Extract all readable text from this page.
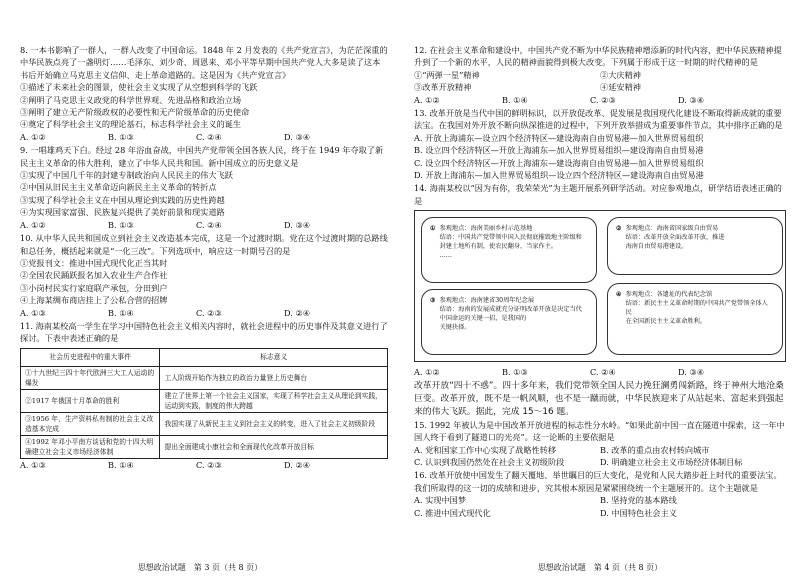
8. 一本书影响了一群人，一群人改变了中国命运。1848 年 2 月发表的《共产党宣言》，为茫茫深重的中华民族点亮了一盏明灯……毛泽东、刘少奇、周恩来、邓小平等早期中国共产党人大多是读了这本书后开始确立马克思主义信仰、走上革命道路的。这是因为《共产党宣言》

①描述了未来社会的图景，使社会主义实现了从空想到科学的飞跃

②阐明了马克思主义政党的科学世界观、先进品格和政治立场

③阐明了建立无产阶级政权的必要性和无产阶级革命的历史使命

④奠定了科学社会主义的理论基石，标志科学社会主义的诞生

A. ①②	B. ①③	C. ②④	D. ③④

9. 一唱雄鸡天下白。经过 28 年浴血奋战，中国共产党带领全国各族人民，终于在 1949 年夺取了新民主主义革命的伟大胜利，建立了中华人民共和国。新中国成立的历史意义是

①实现了中国几千年的封建专制政治向人民民主的伟大飞跃

②中国从旧民主主义革命迈向新民主主义革命的转折点

③实现了科学社会主义在中国从理论到实践的历史性跨越

④为实现国家富强、民族复兴提供了美好前景和现实道路

A. ①②	B. ①③	C. ②④	D. ③④

10. 从中华人民共和国成立到社会主义改造基本完成，这是一个过渡时期。党在这个过渡时期的总路线和总任务，概括起来就是“一化三改”。下列选项中，响应这一时期号召的是

①党报刊文：推进中国式现代化正当其时

②全国农民踊跃报名加入农业生产合作社

③小岗村民实行家庭联产承包，分田到户

④上海某绸布商店挂上了公私合营的招牌

A. ①③	B. ①④	C. ②③	D. ②④

11. 海南某校高一学生在学习中国特色社会主义相关内容时，就社会进程中的历史事件及其意义进行了探讨。下表中表述正确的是

社会历史进程中的重大事件	标志意义
①十九世纪三四十年代欧洲三大工人运动的爆发	工人阶级开始作为独立的政治力量登上历史舞台
②1917 年俄国十月革命的胜利	建立了世界上第一个社会主义国家，实现了科学社会主义从理论到实践，运动到实践，制度的伟大跨越
③1956 年，生产资料私有制的社会主义改造基本完成	我国实现了从新民主主义到社会主义的转变，进入了社会主义初级阶段
④1992 年邓小平南方谈话和党的十四大明确建立社会主义市场经济体制	提出全面建成小康社会和全面现代化改革开放目标
A. ①③	B. ①④	C. ②③	D. ②④
思想政治试题　第 3 页（共 8 页）

12. 在社会主义革命和建设中，中国共产党不断为中华民族精神增添新的时代内容，把中华民族精神提升到了一个新的水平，人民的精神面貌得到极大改变。下列属于形成于这一时期的时代精神的是

①“两弹一星”精神	②大庆精神
③改革开放精神	④延安精神
A. ①②	B. ①④	C. ②③	D. ③④

13. 改革开放是当代中国的鲜明标识，以开放促改革、促发展是我国现代化建设不断取得新成就的重要法宝。在我国对外开放不断向纵深推进的过程中，下列开放举措成为重要事件节点，其中排序正确的是

A. 开放上海浦东—设立四个经济特区—建设海南自由贸易港—加入世界贸易组织

B. 设立四个经济特区—开放上海浦东—加入世界贸易组织—建设海南自由贸易港

C. 设立四个经济特区—开放上海浦东—建设海南自由贸易港—加入世界贸易组织

D. 开放上海浦东—加入世界贸易组织—设立四个经济特区—建设海南自由贸易港

14. 海南某校以“因为有你，我荣荣光”为主题开展系列研学活动。对应参观地点，研学结语表述正确的是

① 参观地点：海南美丽乡村示范基地
结语：中国共产党带领中国人民彻底摧毁地主阶级和封建土地所有制，使农民翻身，当家作主。
……
② 参观地点：海南省国家级自由贸易
结语：改革开放全面改革开放，推进
海南自由贸易港建设。
③ 参观地点：海南建省30周年纪念展
结语：海南的发展成就充分证明改革开放是决定当代中国命运的关键一招，是我国的
关键抉择。
④ 参观地点：各遗址的代表纪念馆
结语：新民主主义革命时期的中国共产党带领全体人民
在全国新民主主义革命胜利。
A. ①②	B. ①③	C. ②④	D. ③④

改革开放“四十不惑”。四十多年来，我们党带领全国人民力挽狂澜勇闯新路，终于神州大地沧桑巨变。改革开放，既不是一帆风顺，也不是一蹴而就，中华民族迎来了从站起来、富起来到强起来的伟大飞跃。据此，完成 15～16 题。

15. 1992 年被认为是中国改革开放进程的标志性分水岭。“如果此前中国一直在隧道中探索，这一年中国人终于看到了隧道口的光亮”。这一论断的主要依据是

A. 党和国家工作中心实现了战略性转移	B. 改革的重点由农村转向城市
C. 认识到我国仍然处在社会主义初级阶段	D. 明确建立社会主义市场经济体制目标

16. 改革开放使中国发生了翻天覆地、举世瞩目的巨大变化，是党和人民大踏步赶上时代的重要法宝。我们所取得的这一切的成绩和进步，究其根本原因是紧紧围绕统一个主题展开的。这个主题就是

A. 实现中国梦	B. 坚持党的基本路线
C. 推进中国式现代化	D. 中国特色社会主义
思想政治试题　第 4 页（共 8 页）
